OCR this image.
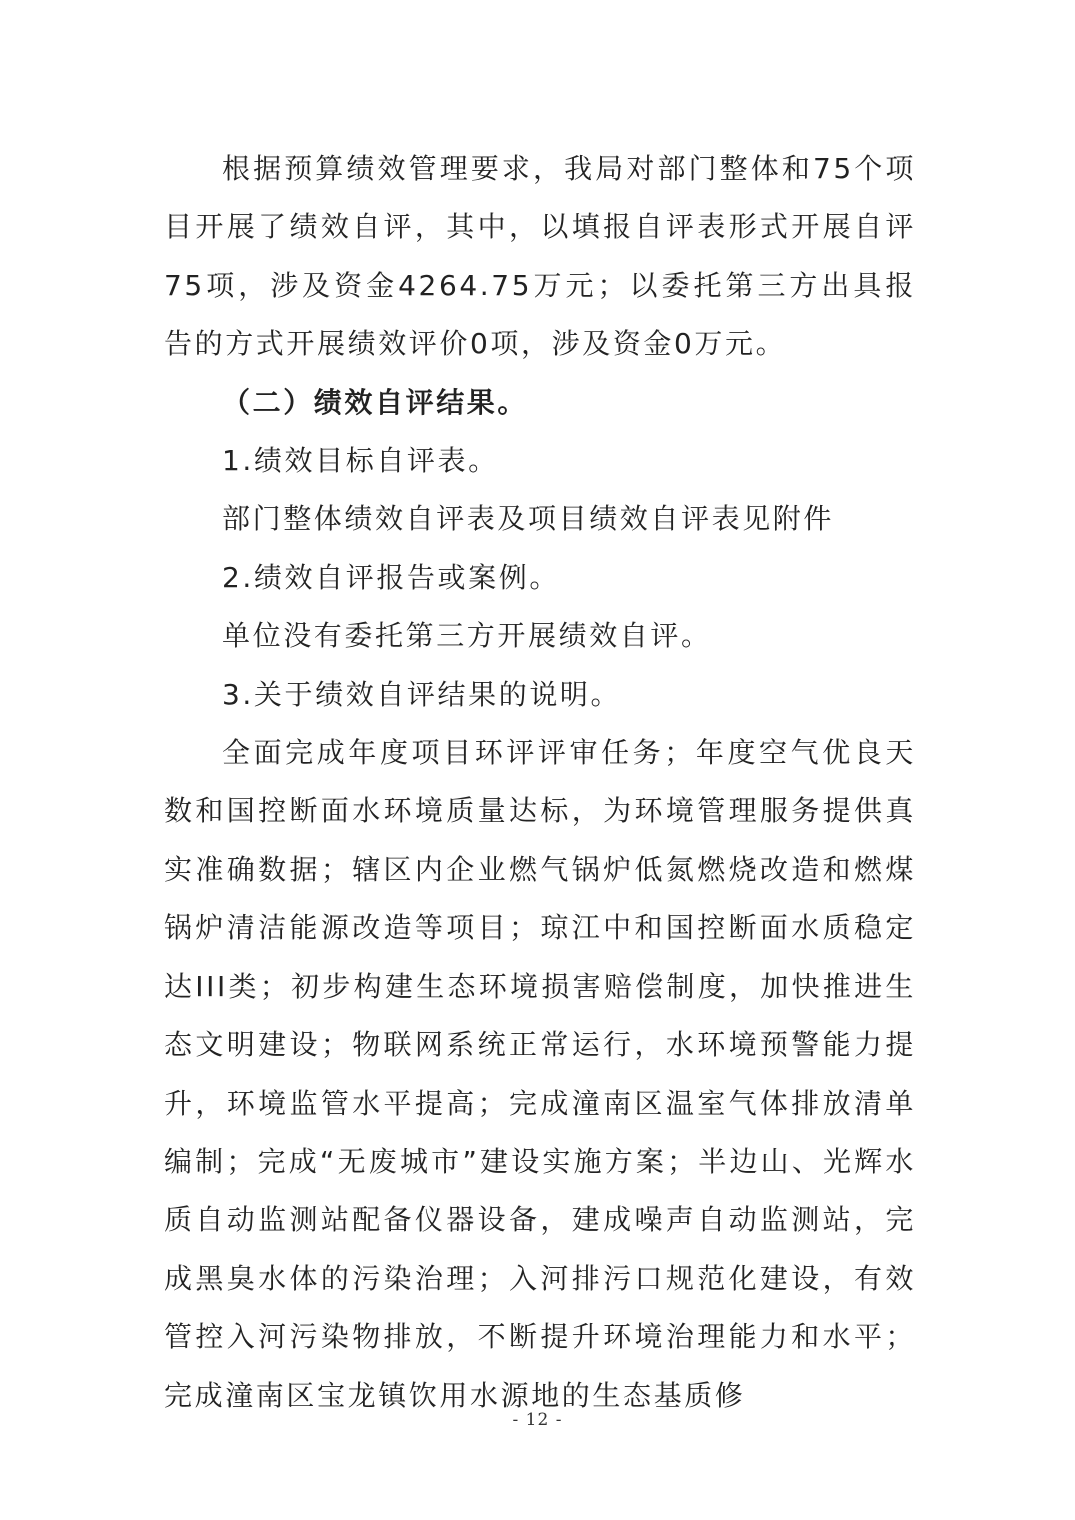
根据预算绩效管理要求，我局对部门整体和75个项目开展了绩效自评，其中，以填报自评表形式开展自评75项，涉及资金4264.75万元；以委托第三方出具报告的方式开展绩效评价0项，涉及资金0万元。

（二）绩效自评结果。

1.绩效目标自评表。

部门整体绩效自评表及项目绩效自评表见附件

2.绩效自评报告或案例。

单位没有委托第三方开展绩效自评。

3.关于绩效自评结果的说明。

全面完成年度项目环评评审任务；年度空气优良天数和国控断面水环境质量达标，为环境管理服务提供真实准确数据；辖区内企业燃气锅炉低氮燃烧改造和燃煤锅炉清洁能源改造等项目；琼江中和国控断面水质稳定达III类；初步构建生态环境损害赔偿制度，加快推进生态文明建设；物联网系统正常运行，水环境预警能力提升，环境监管水平提高；完成潼南区温室气体排放清单编制；完成“无废城市”建设实施方案；半边山、光辉水质自动监测站配备仪器设备，建成噪声自动监测站，完成黑臭水体的污染治理；入河排污口规范化建设，有效管控入河污染物排放，不断提升环境治理能力和水平；完成潼南区宝龙镇饮用水源地的生态基质修

- 12 -
